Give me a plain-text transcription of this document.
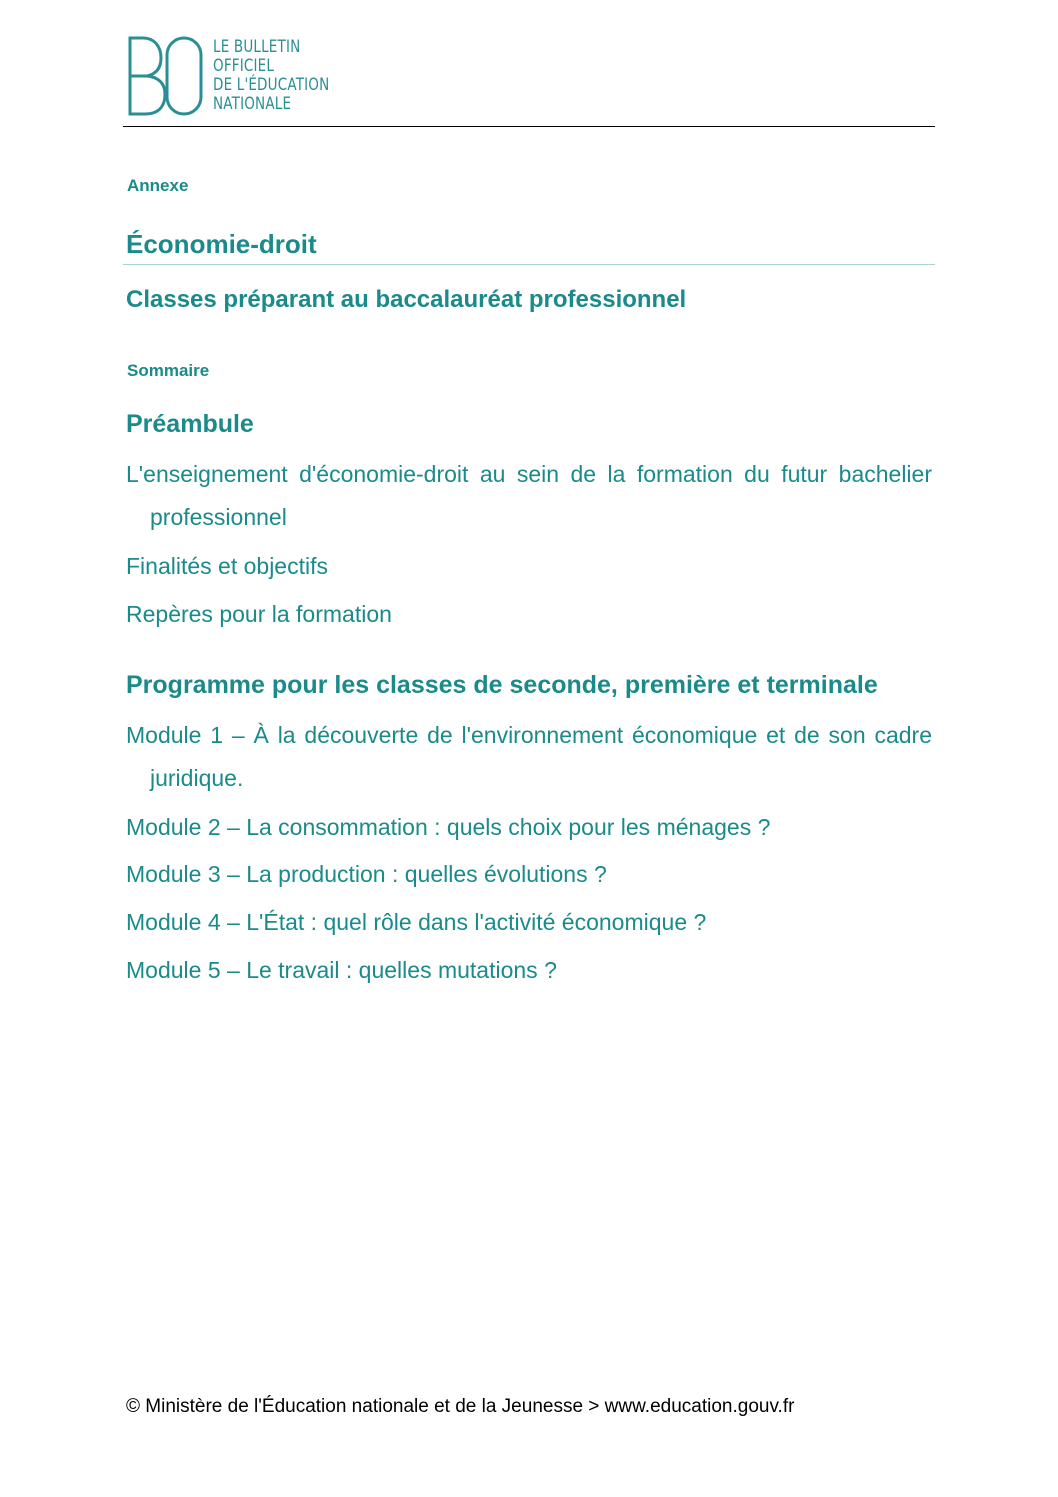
LE BULLETIN
OFFICIEL
DE L'ÉDUCATION
NATIONALE
Annexe
Économie-droit
Classes préparant au baccalauréat professionnel
Sommaire
Préambule
L'enseignement d'économie-droit au sein de la formation du futur bachelier professionnel
Finalités et objectifs
Repères pour la formation
Programme pour les classes de seconde, première et terminale
Module 1 – À la découverte de l'environnement économique et de son cadre juridique.
Module 2 – La consommation : quels choix pour les ménages ?
Module 3 – La production : quelles évolutions ?
Module 4 – L'État : quel rôle dans l'activité économique ?
Module 5 – Le travail : quelles mutations ?
© Ministère de l'Éducation nationale et de la Jeunesse > www.education.gouv.fr
